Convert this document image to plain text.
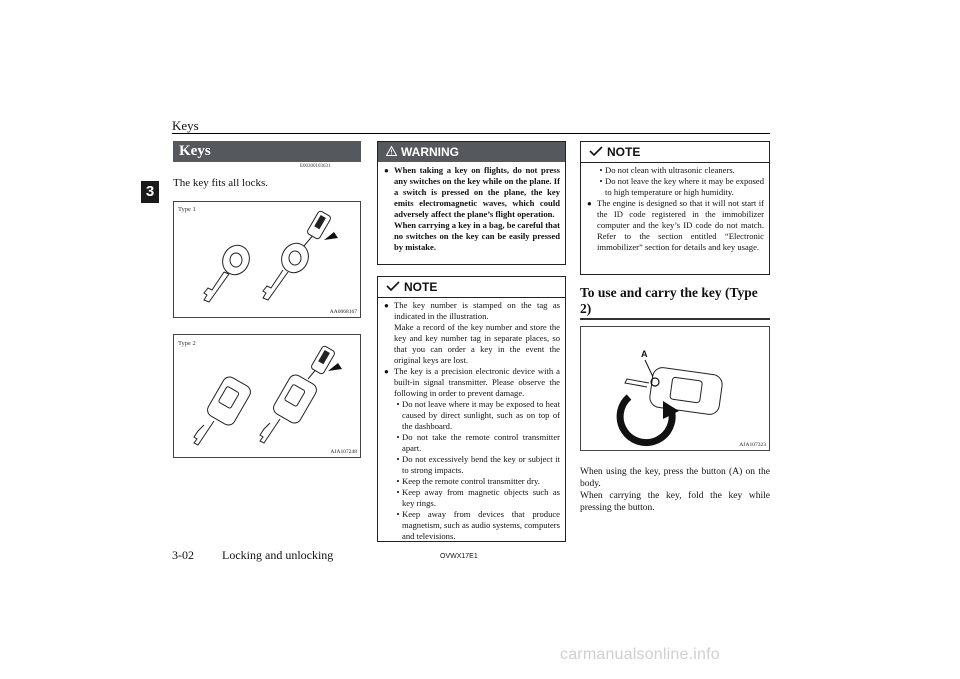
Keys
3
Keys
E00300103631
The key fits all locks.
Type 1
AA0068167
Type 2
AJA107248
WARNING
● When taking a key on flights, do not press any switches on the key while on the plane. If a switch is pressed on the plane, the key emits electromagnetic waves, which could adversely affect the plane’s flight operation.
When carrying a key in a bag, be careful that no switches on the key can be easily pressed by mistake.
NOTE
● The key number is stamped on the tag as indicated in the illustration.
Make a record of the key number and store the key and key number tag in separate places, so that you can order a key in the event the original keys are lost.
● The key is a precision electronic device with a built-in signal transmitter. Please observe the following in order to prevent damage.
• Do not leave where it may be exposed to heat caused by direct sunlight, such as on top of the dashboard.
• Do not take the remote control transmitter apart.
• Do not excessively bend the key or subject it to strong impacts.
• Keep the remote control transmitter dry.
• Keep away from magnetic objects such as key rings.
• Keep away from devices that produce magnetism, such as audio systems, computers and televisions.
NOTE
• Do not clean with ultrasonic cleaners.
• Do not leave the key where it may be exposed to high temperature or high humidity.
● The engine is designed so that it will not start if the ID code registered in the immobilizer computer and the key’s ID code do not match. Refer to the section entitled “Electronic immobilizer” section for details and key usage.
To use and carry the key (Type 2)
AJA107323
A
When using the key, press the button (A) on the body.
When carrying the key, fold the key while pressing the button.
3-02 Locking and unlocking	OVWX17E1
carmanualsonline.info
